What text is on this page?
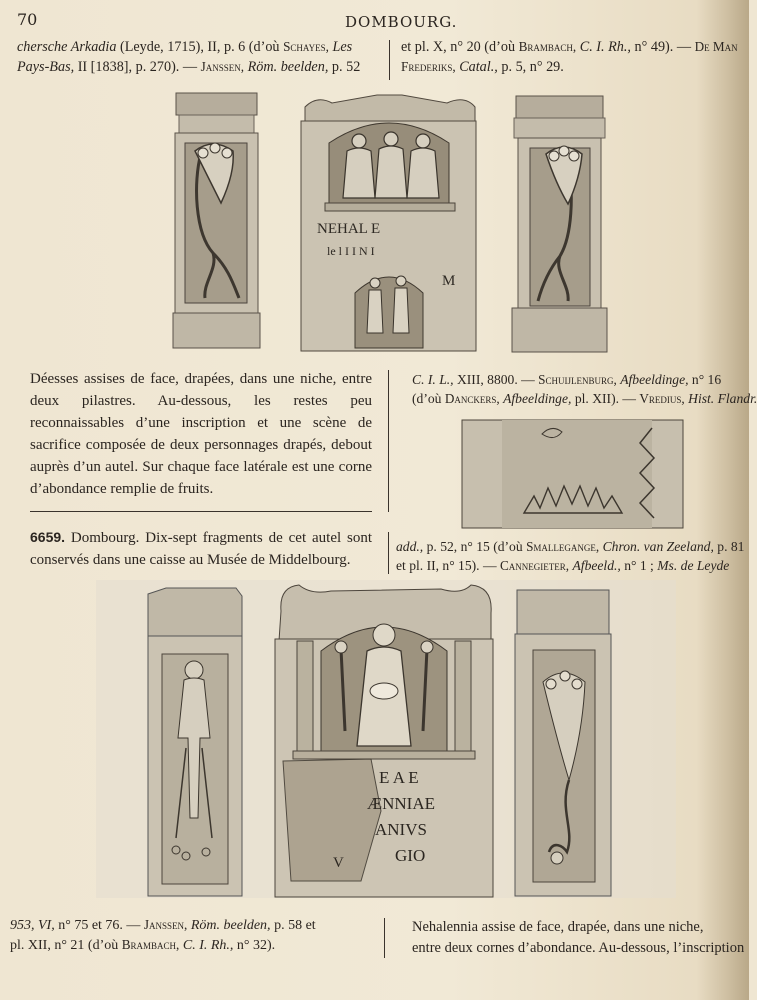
70	DOMBOURG.
chersche Arkadia (Leyde, 1715), II, p. 6 (d’où Schayes, Les
Pays-Bas, II [1838], p. 270). — Janssen, Röm. beelden, p. 52
et pl. X, n° 20 (d’où Brambach, C. I. Rh., n° 49). — De Man
Frederiks, Catal., p. 5, n° 29.
NEHAL E
le l I I N I
M
Déesses assises de face, drapées, dans une niche, entre deux pilastres. Au-dessous, les restes peu reconnaissables d’une inscription et une scène de sacrifice composée de deux personnages drapés, debout auprès d’un autel. Sur chaque face latérale est une corne d’abondance remplie de fruits.
C. I. L., XIII, 8800. — Schuijlenburg, Afbeeldinge, n° 16
(d’où Danckers, Afbeeldinge, pl. XII). — Vredius, Hist. Flandr.
6659. Dombourg. Dix-sept fragments de cet autel sont conservés dans une caisse au Musée de Middelbourg.
add., p. 52, n° 15 (d’où Smallegange, Chron. van Zeeland, p. 81
et pl. II, n° 15). — Cannegieter, Afbeeld., n° 1 ; Ms. de Leyde
E A E
ÆNNIAE
ANIVS
GIO
V
953, VI, n° 75 et 76. — Janssen, Röm. beelden, p. 58 et
pl. XII, n° 21 (d’où Brambach, C. I. Rh., n° 32).
Nehalennia assise de face, drapée, dans une niche,
entre deux cornes d’abondance. Au-dessous, l’inscription
